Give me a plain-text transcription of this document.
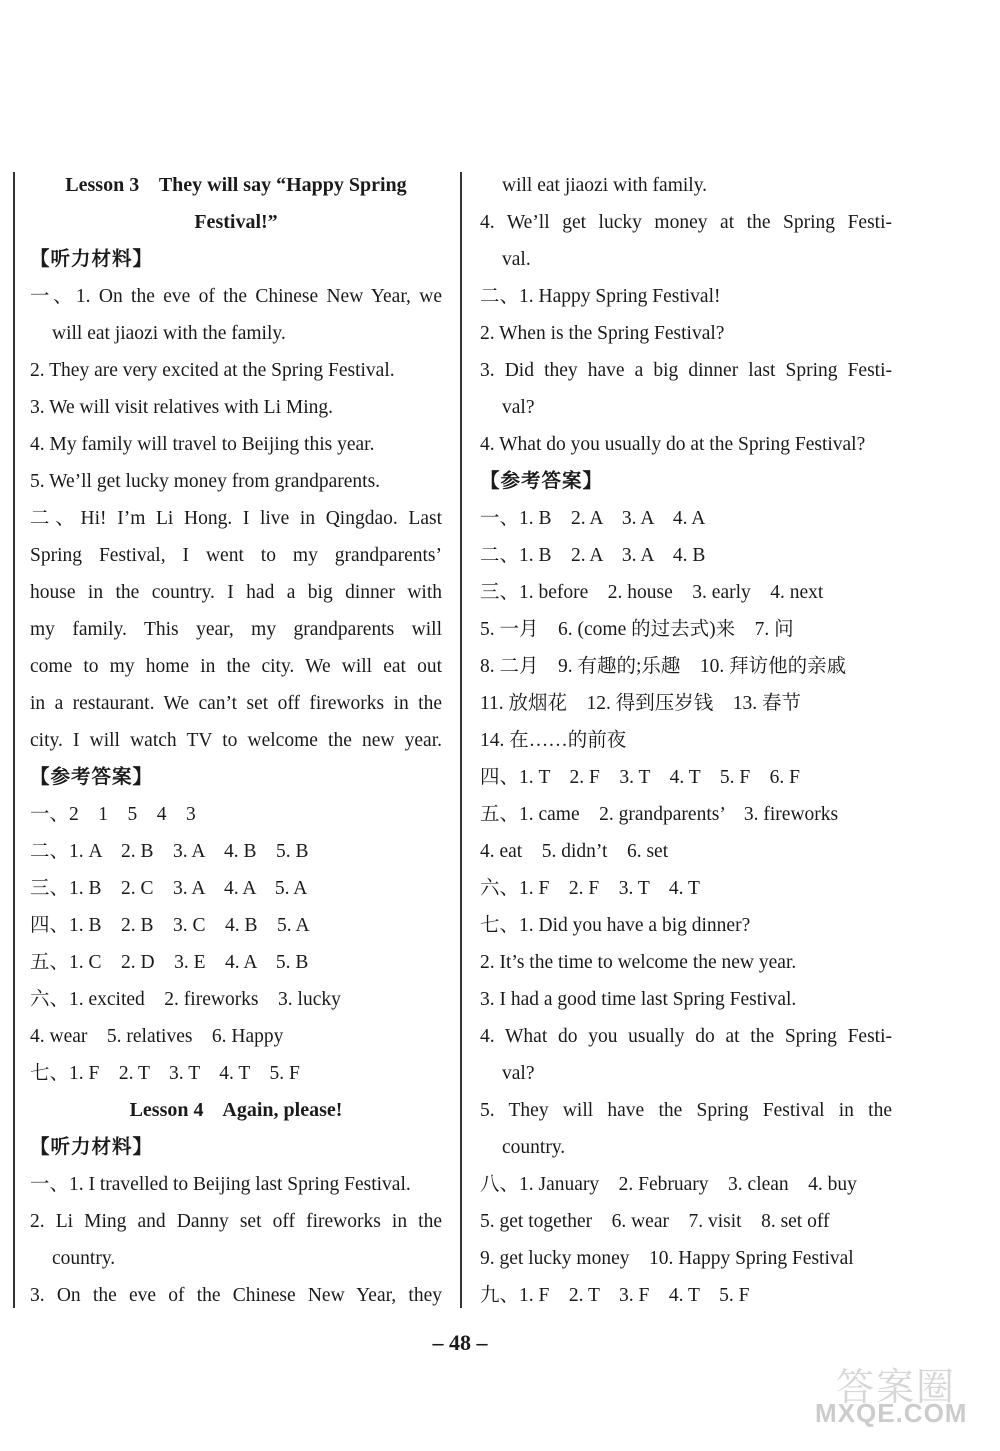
Lesson 3    They will say “Happy Spring
Festival!”
【听力材料】
一、1. On the eve of the Chinese New Year, we
will eat jiaozi with the family.
2. They are very excited at the Spring Festival.
3. We will visit relatives with Li Ming.
4. My family will travel to Beijing this year.
5. We’ll get lucky money from grandparents.
二、Hi! I’m Li Hong. I live in Qingdao. Last
Spring Festival, I went to my grandparents’
house in the country. I had a big dinner with
my family. This year, my grandparents will
come to my home in the city. We will eat out
in a restaurant. We can’t set off fireworks in the
city. I will watch TV to welcome the new year.
【参考答案】
一、2    1    5    4    3
二、1. A    2. B    3. A    4. B    5. B
三、1. B    2. C    3. A    4. A    5. A
四、1. B    2. B    3. C    4. B    5. A
五、1. C    2. D    3. E    4. A    5. B
六、1. excited    2. fireworks    3. lucky
4. wear    5. relatives    6. Happy
七、1. F    2. T    3. T    4. T    5. F
Lesson 4    Again, please!
【听力材料】
一、1. I travelled to Beijing last Spring Festival.
2. Li Ming and Danny set off fireworks in the
country.
3. On the eve of the Chinese New Year, they
will eat jiaozi with family.
4. We’ll get lucky money at the Spring Festi-
val.
二、1. Happy Spring Festival!
2. When is the Spring Festival?
3. Did they have a big dinner last Spring Festi-
val?
4. What do you usually do at the Spring Festival?
【参考答案】
一、1. B    2. A    3. A    4. A
二、1. B    2. A    3. A    4. B
三、1. before    2. house    3. early    4. next
5. 一月    6. (come 的过去式)来    7. 问
8. 二月    9. 有趣的;乐趣    10. 拜访他的亲戚
11. 放烟花    12. 得到压岁钱    13. 春节
14. 在……的前夜
四、1. T    2. F    3. T    4. T    5. F    6. F
五、1. came    2. grandparents’    3. fireworks
4. eat    5. didn’t    6. set
六、1. F    2. F    3. T    4. T
七、1. Did you have a big dinner?
2. It’s the time to welcome the new year.
3. I had a good time last Spring Festival.
4. What do you usually do at the Spring Festi-
val?
5. They will have the Spring Festival in the
country.
八、1. January    2. February    3. clean    4. buy
5. get together    6. wear    7. visit    8. set off
9. get lucky money    10. Happy Spring Festival
九、1. F    2. T    3. F    4. T    5. F
– 48 –
答案圈
MXQE.COM
